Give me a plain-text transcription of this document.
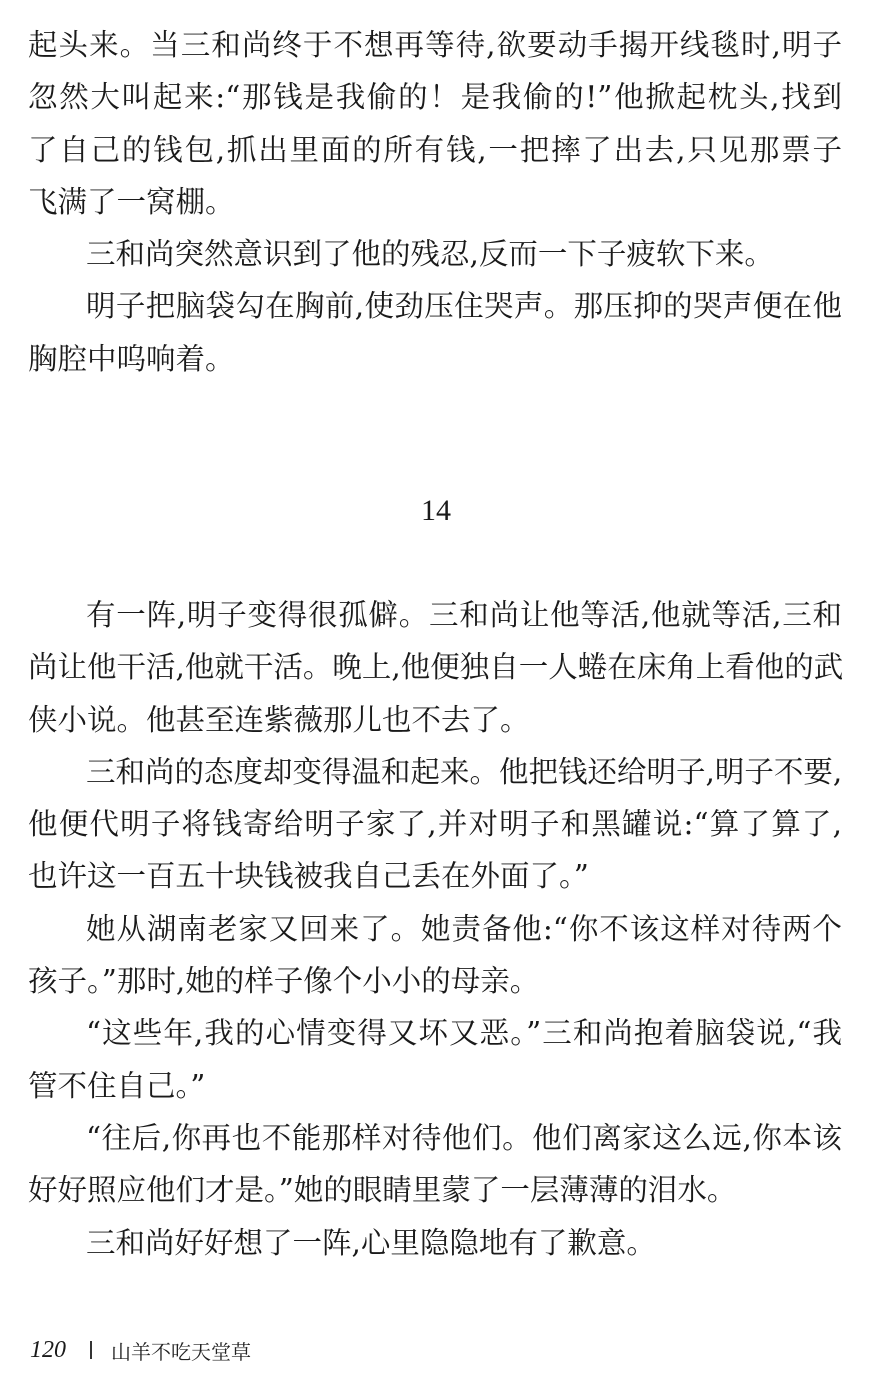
起头来。当三和尚终于不想再等待,欲要动手揭开线毯时,明子
忽然大叫起来:“那钱是我偷的！是我偷的!”他掀起枕头,找到
了自己的钱包,抓出里面的所有钱,一把摔了出去,只见那票子
飞满了一窝棚。
三和尚突然意识到了他的残忍,反而一下子疲软下来。
明子把脑袋勾在胸前,使劲压住哭声。那压抑的哭声便在他
胸腔中呜响着。
14
有一阵,明子变得很孤僻。三和尚让他等活,他就等活,三和
尚让他干活,他就干活。晚上,他便独自一人蜷在床角上看他的武
侠小说。他甚至连紫薇那儿也不去了。
三和尚的态度却变得温和起来。他把钱还给明子,明子不要,
他便代明子将钱寄给明子家了,并对明子和黑罐说:“算了算了,
也许这一百五十块钱被我自己丢在外面了。”
她从湖南老家又回来了。她责备他:“你不该这样对待两个
孩子。”那时,她的样子像个小小的母亲。
“这些年,我的心情变得又坏又恶。”三和尚抱着脑袋说,“我
管不住自己。”
“往后,你再也不能那样对待他们。他们离家这么远,你本该
好好照应他们才是。”她的眼睛里蒙了一层薄薄的泪水。
三和尚好好想了一阵,心里隐隐地有了歉意。
120 山羊不吃天堂草
